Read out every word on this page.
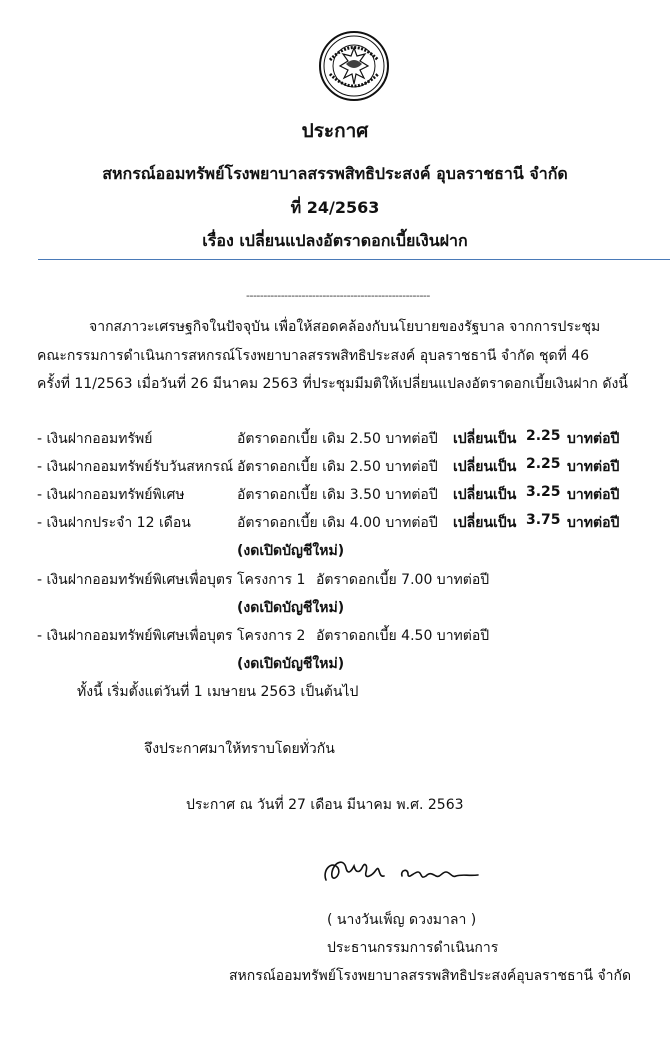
ประกาศ
สหกรณ์ออมทรัพย์โรงพยาบาลสรรพสิทธิประสงค์ อุบลราชธานี จำกัด
ที่ 24/2563
เรื่อง เปลี่ยนแปลงอัตราดอกเบี้ยเงินฝาก
-----------------------------------------------------
จากสภาวะเศรษฐกิจในปัจจุบัน เพื่อให้สอดคล้องกับนโยบายของรัฐบาล จากการประชุม
คณะกรรมการดำเนินการสหกรณ์โรงพยาบาลสรรพสิทธิประสงค์ อุบลราชธานี จำกัด ชุดที่ 46
ครั้งที่ 11/2563 เมื่อวันที่ 26 มีนาคม 2563 ที่ประชุมมีมติให้เปลี่ยนแปลงอัตราดอกเบี้ยเงินฝาก ดังนี้
- เงินฝากออมทรัพย์	อัตราดอกเบี้ย เดิม 2.50 บาทต่อปี เปลี่ยนเป็น 2.25 บาทต่อปี
- เงินฝากออมทรัพย์รับวันสหกรณ์ อัตราดอกเบี้ย เดิม 2.50 บาทต่อปี เปลี่ยนเป็น 2.25 บาทต่อปี
- เงินฝากออมทรัพย์พิเศษ	อัตราดอกเบี้ย เดิม 3.50 บาทต่อปี เปลี่ยนเป็น 3.25 บาทต่อปี
- เงินฝากประจำ 12 เดือน	อัตราดอกเบี้ย เดิม 4.00 บาทต่อปี เปลี่ยนเป็น 3.75 บาทต่อปี
(งดเปิดบัญชีใหม่)
- เงินฝากออมทรัพย์พิเศษเพื่อบุตร โครงการ 1 อัตราดอกเบี้ย 7.00 บาทต่อปี
(งดเปิดบัญชีใหม่)
- เงินฝากออมทรัพย์พิเศษเพื่อบุตร โครงการ 2 อัตราดอกเบี้ย 4.50 บาทต่อปี
(งดเปิดบัญชีใหม่)
ทั้งนี้ เริ่มตั้งแต่วันที่ 1 เมษายน 2563 เป็นต้นไป
จึงประกาศมาให้ทราบโดยทั่วกัน
ประกาศ ณ วันที่ 27 เดือน มีนาคม พ.ศ. 2563
( นางวันเพ็ญ ดวงมาลา )
ประธานกรรมการดำเนินการ
สหกรณ์ออมทรัพย์โรงพยาบาลสรรพสิทธิประสงค์อุบลราชธานี จำกัด
